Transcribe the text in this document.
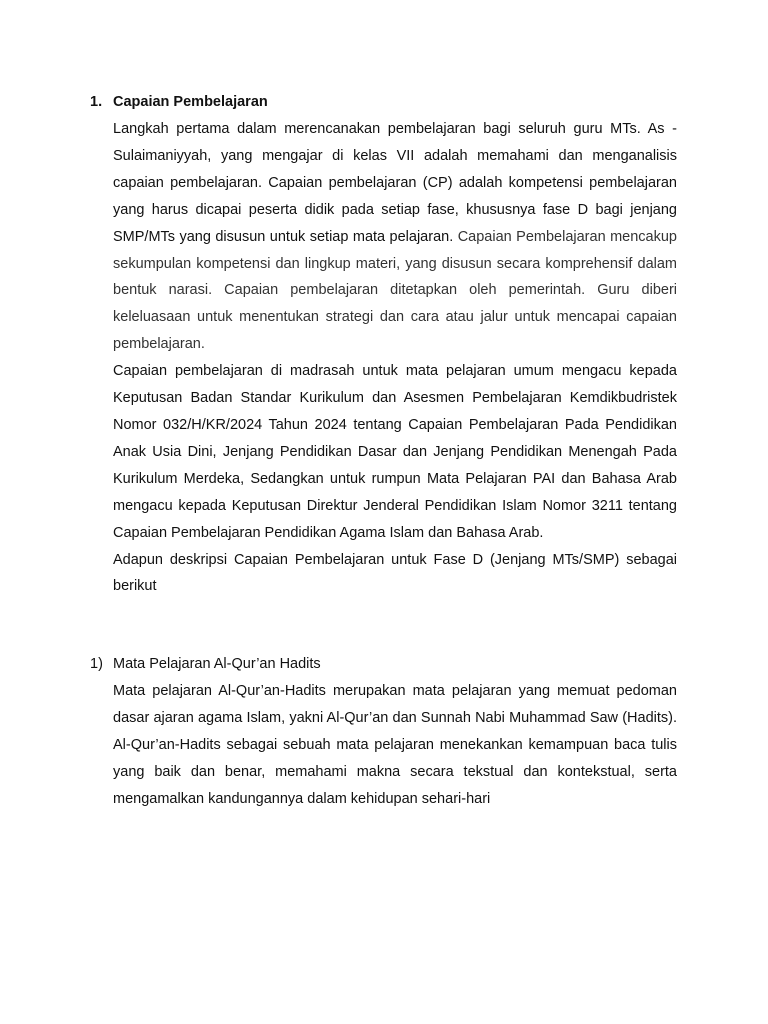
1. Capaian Pembelajaran

Langkah pertama dalam merencanakan pembelajaran bagi seluruh guru MTs. As - Sulaimaniyyah, yang mengajar di kelas VII adalah memahami dan menganalisis capaian pembelajaran. Capaian pembelajaran (CP) adalah kompetensi pembelajaran yang harus dicapai peserta didik pada setiap fase, khususnya fase D bagi jenjang SMP/MTs yang disusun untuk setiap mata pelajaran. Capaian Pembelajaran mencakup sekumpulan kompetensi dan lingkup materi, yang disusun secara komprehensif dalam bentuk narasi. Capaian pembelajaran ditetapkan oleh pemerintah. Guru diberi keleluasaan untuk menentukan strategi dan cara atau jalur untuk mencapai capaian pembelajaran.

Capaian pembelajaran di madrasah untuk mata pelajaran umum mengacu kepada Keputusan Badan Standar Kurikulum dan Asesmen Pembelajaran Kemdikbudristek Nomor 032/H/KR/2024 Tahun 2024 tentang Capaian Pembelajaran Pada Pendidikan Anak Usia Dini, Jenjang Pendidikan Dasar dan Jenjang Pendidikan Menengah Pada Kurikulum Merdeka, Sedangkan untuk rumpun Mata Pelajaran PAI dan Bahasa Arab mengacu kepada Keputusan Direktur Jenderal Pendidikan Islam Nomor 3211 tentang Capaian Pembelajaran Pendidikan Agama Islam dan Bahasa Arab.

Adapun deskripsi Capaian Pembelajaran untuk Fase D (Jenjang MTs/SMP) sebagai berikut

1) Mata Pelajaran Al-Qur’an Hadits

Mata pelajaran Al-Qur’an-Hadits merupakan mata pelajaran yang memuat pedoman dasar ajaran agama Islam, yakni Al-Qur’an dan Sunnah Nabi Muhammad Saw (Hadits). Al-Qur’an-Hadits sebagai sebuah mata pelajaran menekankan kemampuan baca tulis yang baik dan benar, memahami makna secara tekstual dan kontekstual, serta mengamalkan kandungannya dalam kehidupan sehari-hari
